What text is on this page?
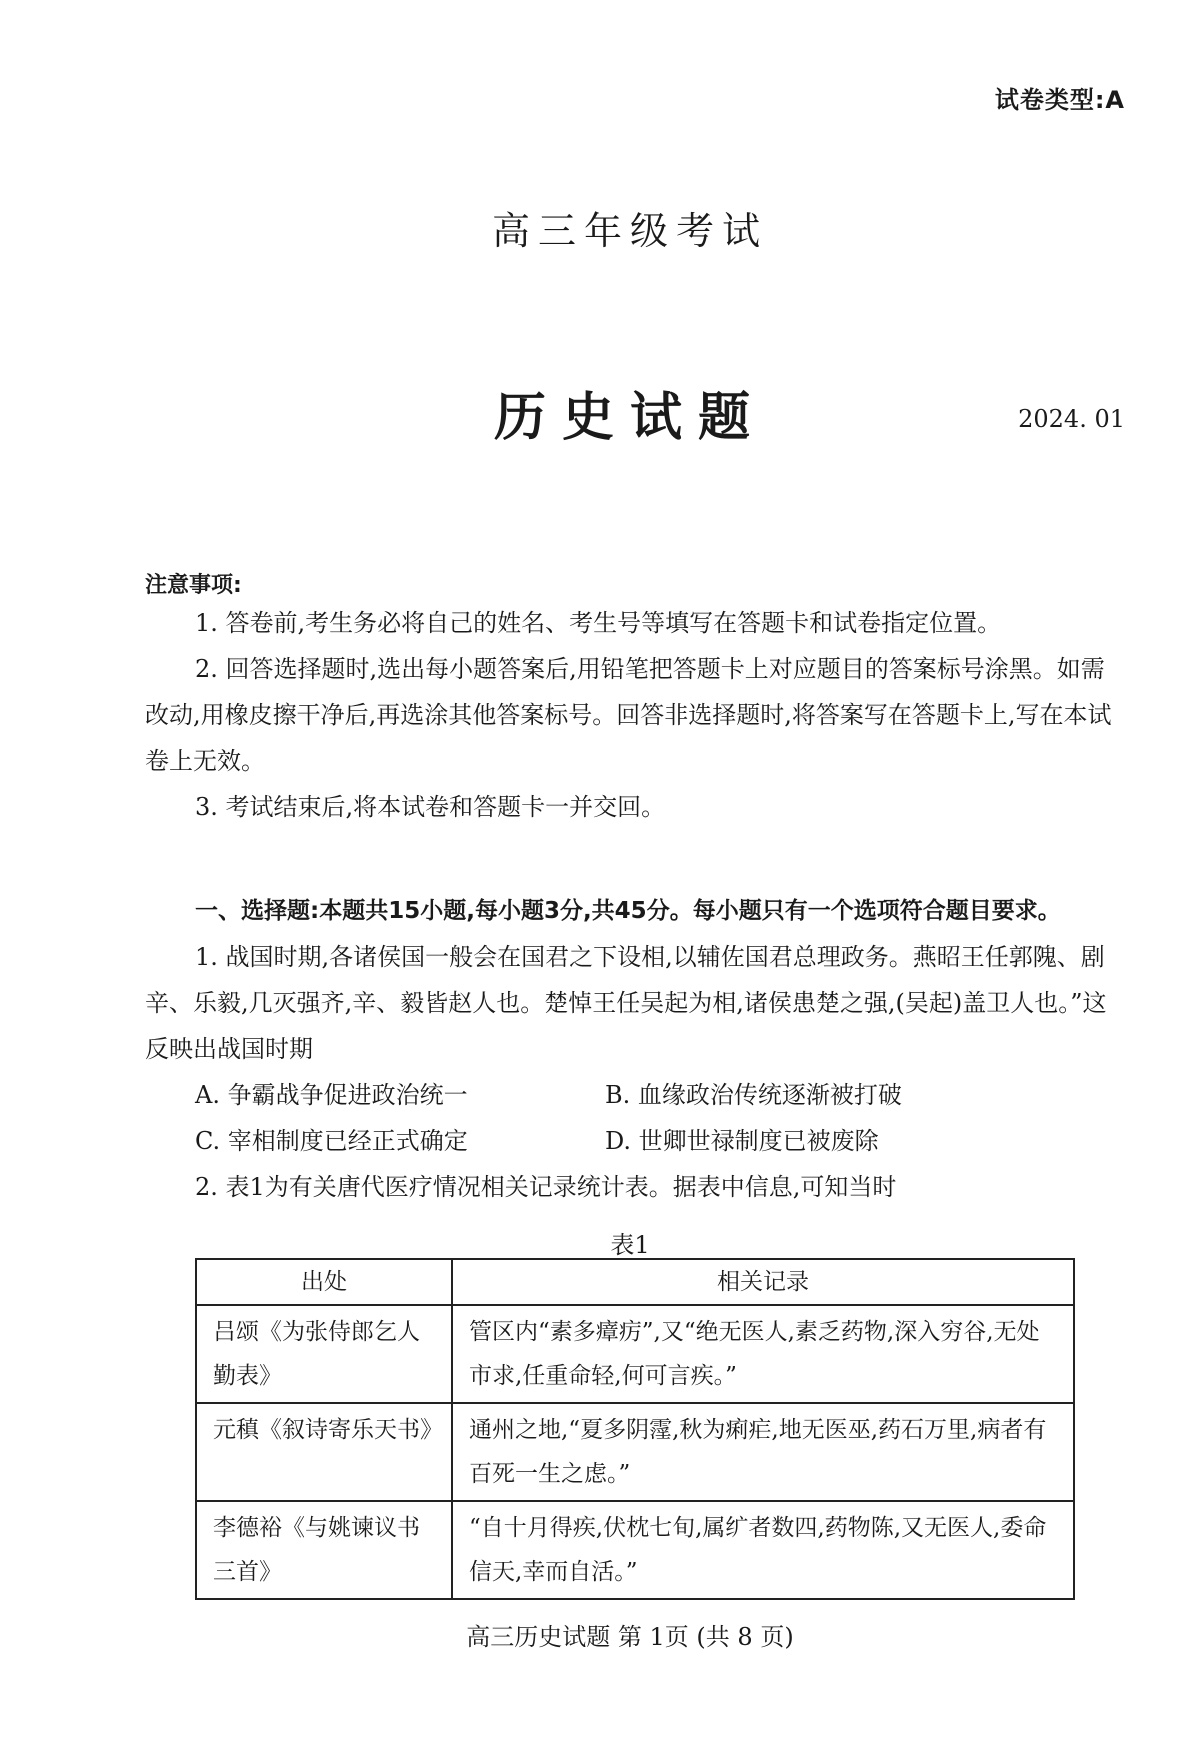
试卷类型:A
高三年级考试
历史试题	2024. 01
注意事项:

1. 答卷前,考生务必将自己的姓名、考生号等填写在答题卡和试卷指定位置。

2. 回答选择题时,选出每小题答案后,用铅笔把答题卡上对应题目的答案标号涂黑。如需改动,用橡皮擦干净后,再选涂其他答案标号。回答非选择题时,将答案写在答题卡上,写在本试卷上无效。

3. 考试结束后,将本试卷和答题卡一并交回。

一、选择题:本题共15小题,每小题3分,共45分。每小题只有一个选项符合题目要求。

1. 战国时期,各诸侯国一般会在国君之下设相,以辅佐国君总理政务。燕昭王任郭隗、剧辛、乐毅,几灭强齐,辛、毅皆赵人也。楚悼王任吴起为相,诸侯患楚之强,(吴起)盖卫人也。”这反映出战国时期

A. 争霸战争促进政治统一	B. 血缘政治传统逐渐被打破
C. 宰相制度已经正式确定	D. 世卿世禄制度已被废除

2. 表1为有关唐代医疗情况相关记录统计表。据表中信息,可知当时

表1
出处	相关记录
吕颂《为张侍郎乞人勤表》	管区内“素多瘴疠”,又“绝无医人,素乏药物,深入穷谷,无处市求,任重命轻,何可言疾。”
元稹《叙诗寄乐天书》	通州之地,“夏多阴霪,秋为痢疟,地无医巫,药石万里,病者有百死一生之虑。”
李德裕《与姚谏议书三首》	“自十月得疾,伏枕七旬,属纩者数四,药物陈,又无医人,委命信天,幸而自活。”
高三历史试题 第 1页 (共 8 页)
